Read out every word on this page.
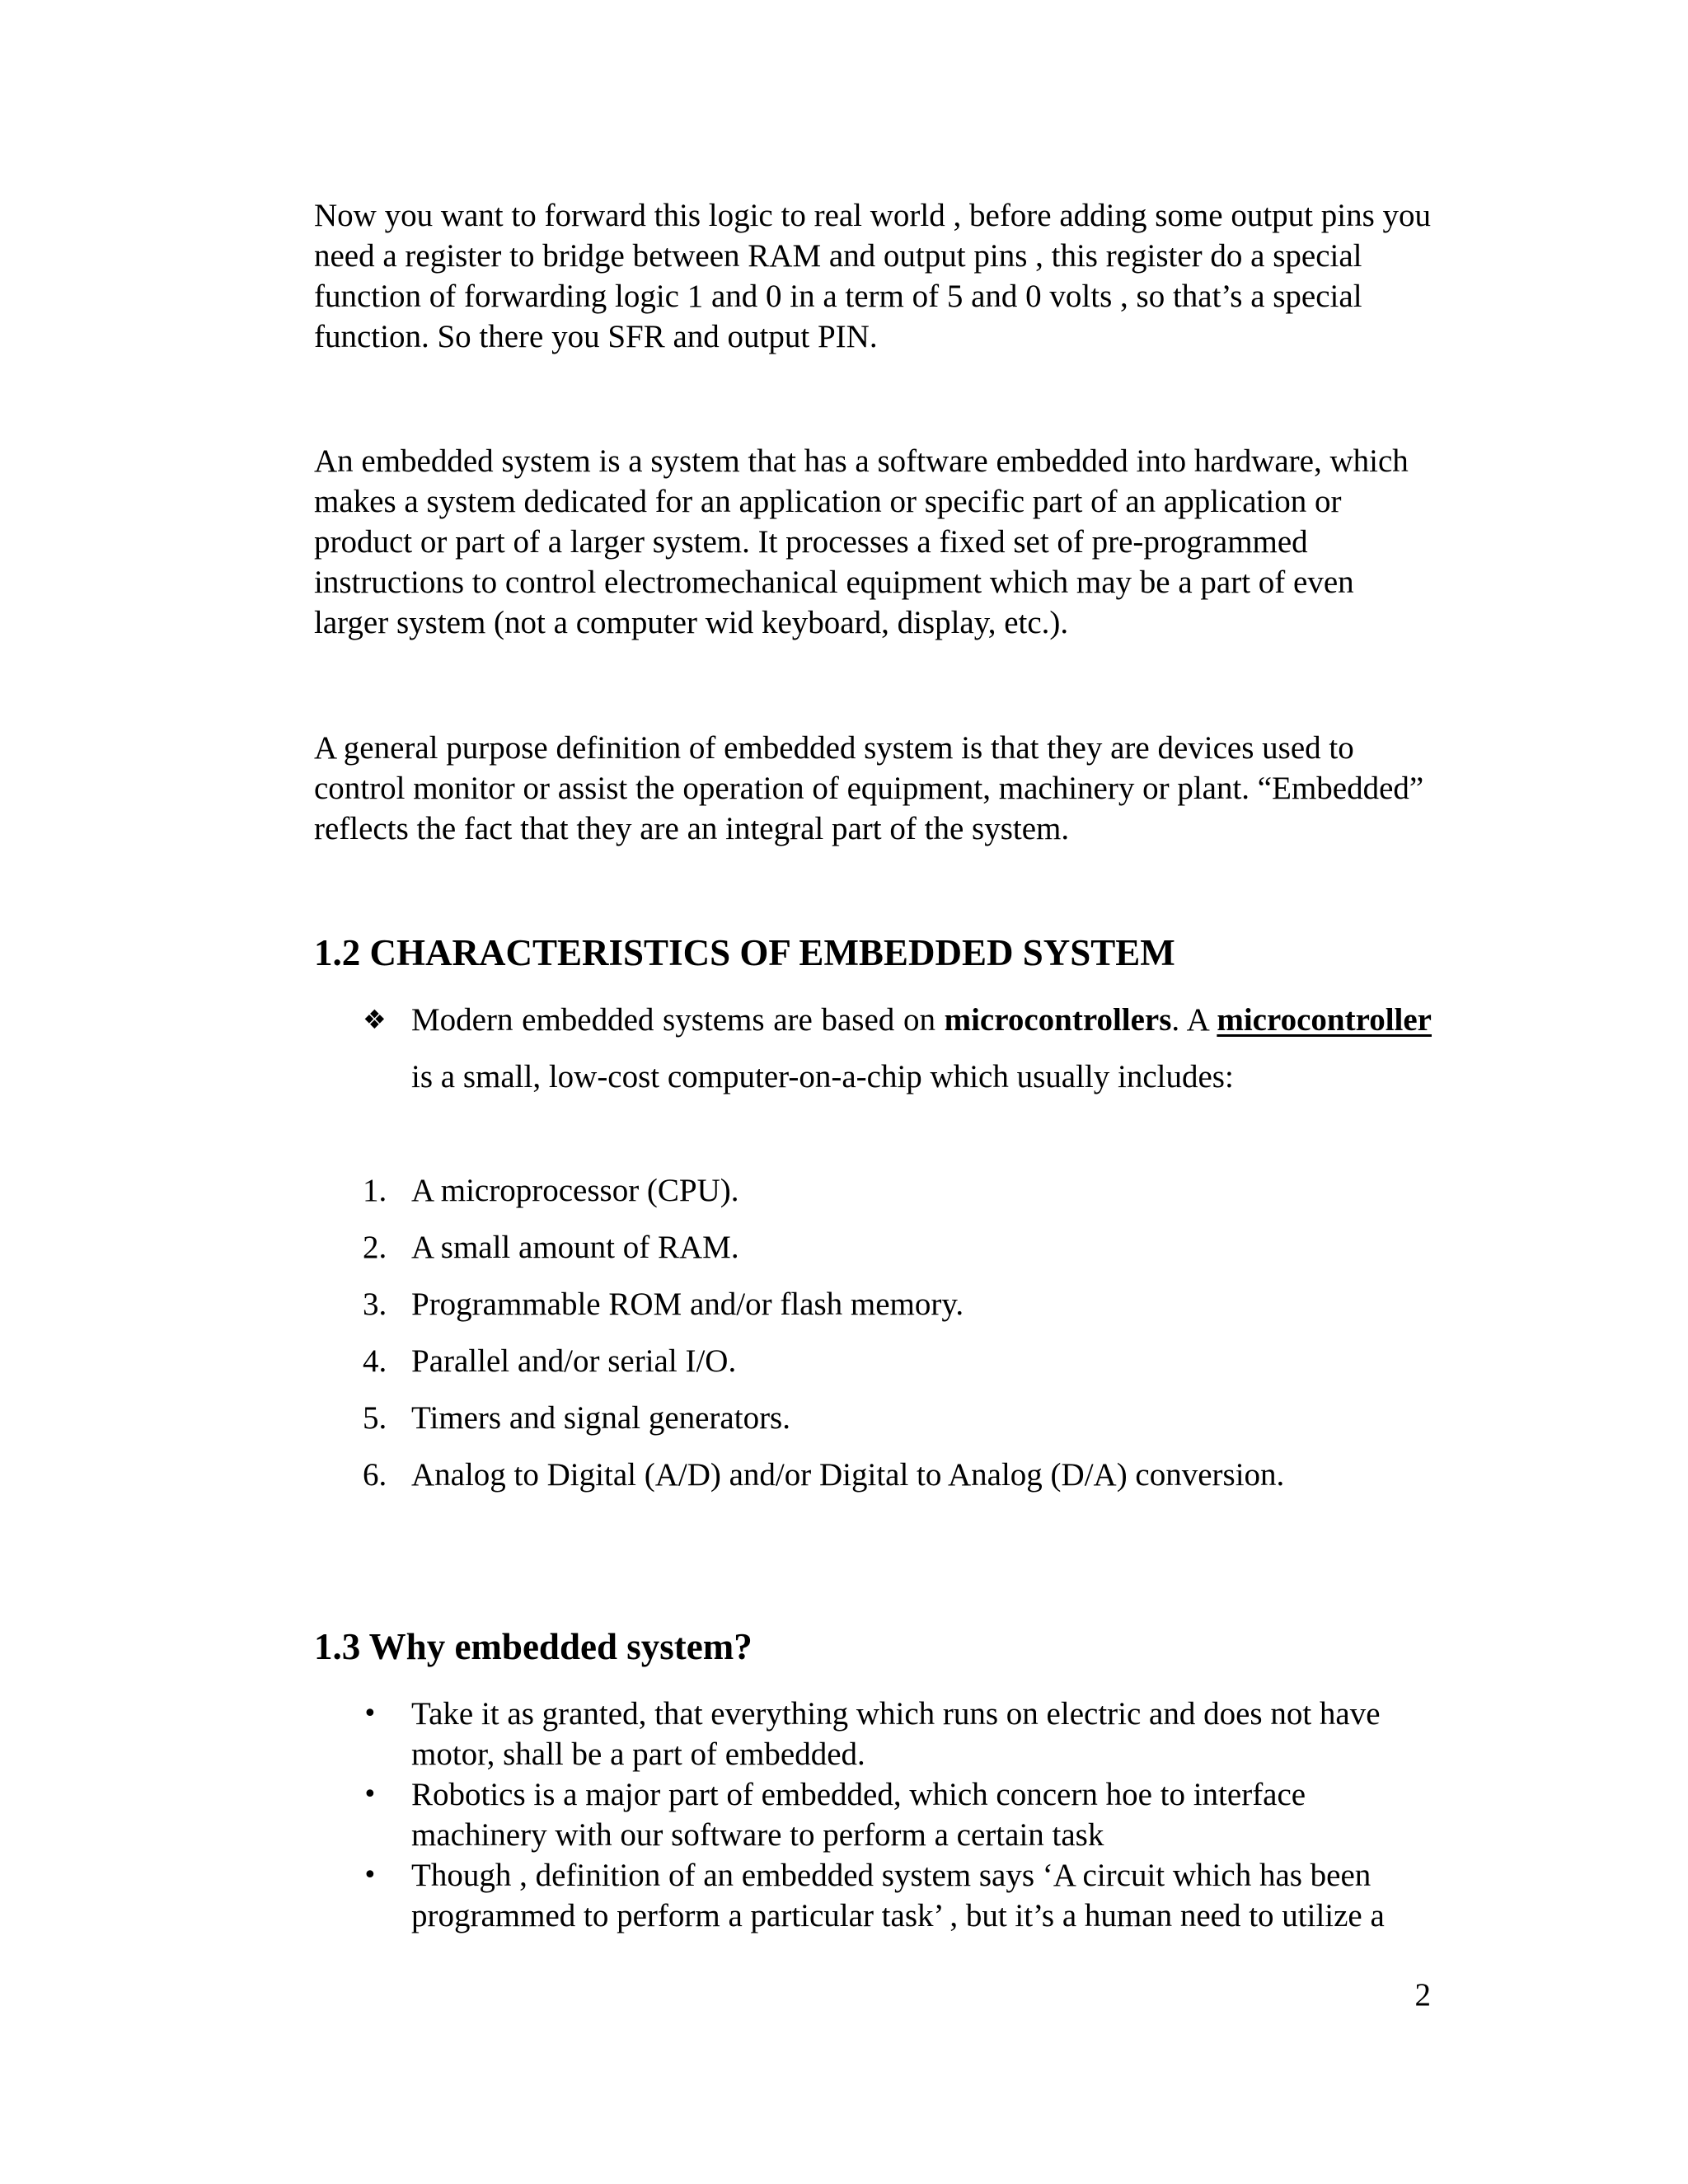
Now you want to forward this logic to real world , before adding some output pins you need a register to bridge between RAM and output pins , this register do a special function of forwarding logic 1 and 0 in a term of 5 and 0 volts , so that’s a special function. So there you SFR and output PIN.

An embedded system is a system that has a software embedded into hardware, which makes a system dedicated for an application or specific part of an application or product or part of a larger system. It processes a fixed set of pre-programmed instructions to control electromechanical equipment which may be a part of even larger system (not a computer wid keyboard, display, etc.).

A general purpose definition of embedded system is that they are devices used to control monitor or assist the operation of equipment, machinery or plant. “Embedded” reflects the fact that they are an integral part of the system.

1.2 CHARACTERISTICS OF EMBEDDED SYSTEM
❖ Modern embedded systems are based on microcontrollers. A microcontroller is a small, low-cost computer-on-a-chip which usually includes:
1. A microprocessor (CPU).
2. A small amount of RAM.
3. Programmable ROM and/or flash memory.
4. Parallel and/or serial I/O.
5. Timers and signal generators.
6. Analog to Digital (A/D) and/or Digital to Analog (D/A) conversion.
1.3 Why embedded system?
• Take it as granted, that everything which runs on electric and does not have motor, shall be a part of embedded.
• Robotics is a major part of embedded, which concern hoe to interface machinery with our software to perform a certain task
• Though , definition of an embedded system says ‘A circuit which has been programmed to perform a particular task’ , but it’s a human need to utilize a
2
